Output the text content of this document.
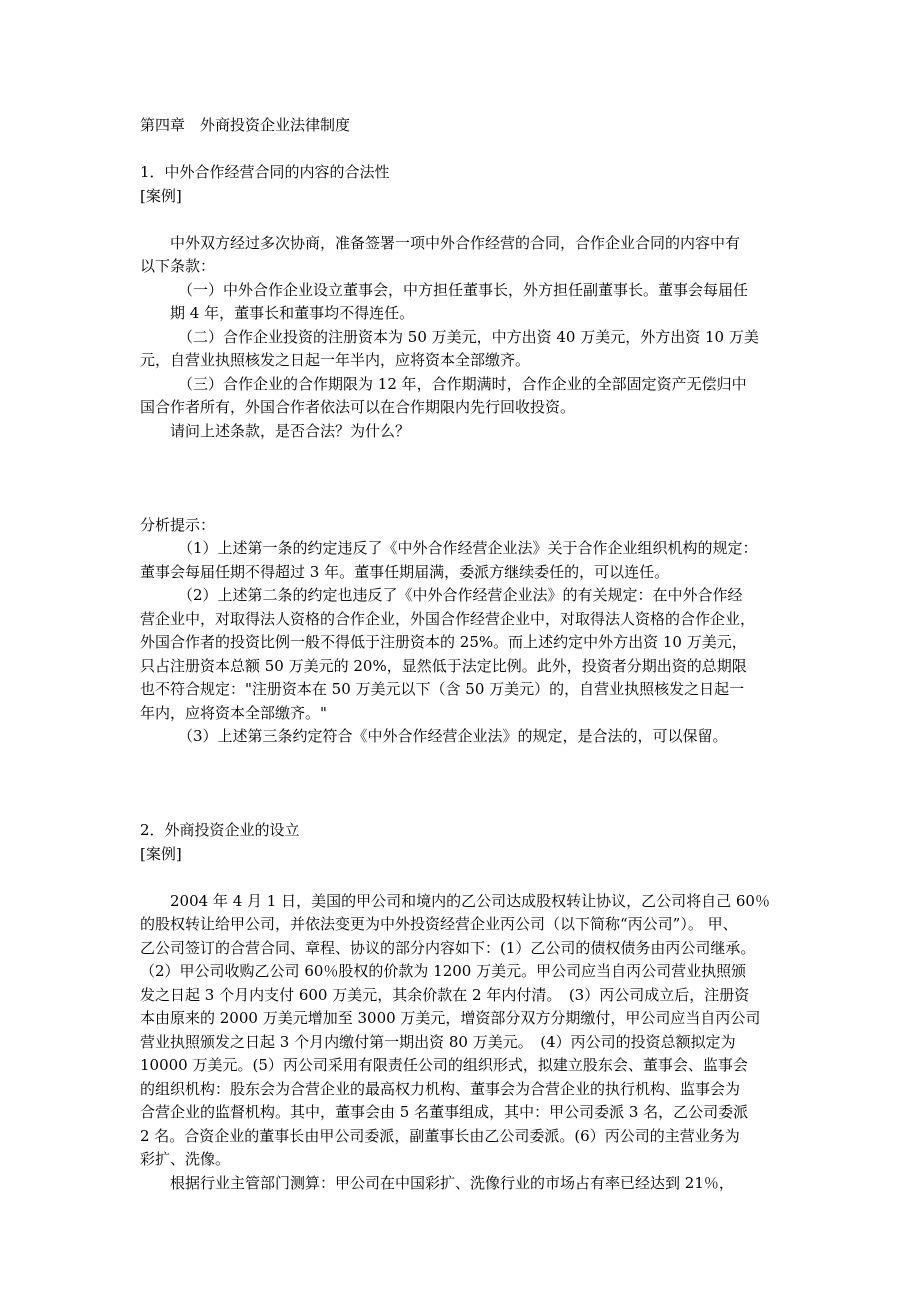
第四章　外商投资企业法律制度
1．中外合作经营合同的内容的合法性
[案例]
中外双方经过多次协商，准备签署一项中外合作经营的合同，合作企业合同的内容中有
以下条款：
（一）中外合作企业设立董事会，中方担任董事长，外方担任副董事长。董事会每届任
期 4 年，董事长和董事均不得连任。
（二）合作企业投资的注册资本为 50 万美元，中方出资 40 万美元，外方出资 10 万美
元，自营业执照核发之日起一年半内，应将资本全部缴齐。
（三）合作企业的合作期限为 12 年，合作期满时，合作企业的全部固定资产无偿归中
国合作者所有，外国合作者依法可以在合作期限内先行回收投资。
请问上述条款，是否合法？为什么？
分析提示：
（1）上述第一条的约定违反了《中外合作经营企业法》关于合作企业组织机构的规定：
董事会每届任期不得超过 3 年。董事任期届满，委派方继续委任的，可以连任。
（2）上述第二条的约定也违反了《中外合作经营企业法》的有关规定：在中外合作经
营企业中，对取得法人资格的合作企业，外国合作经营企业中，对取得法人资格的合作企业，
外国合作者的投资比例一般不得低于注册资本的 25%。而上述约定中外方出资 10 万美元，
只占注册资本总额 50 万美元的 20%，显然低于法定比例。此外，投资者分期出资的总期限
也不符合规定："注册资本在 50 万美元以下（含 50 万美元）的，自营业执照核发之日起一
年内，应将资本全部缴齐。"
（3）上述第三条约定符合《中外合作经营企业法》的规定，是合法的，可以保留。
2．外商投资企业的设立
[案例]
2004 年 4 月 1 日，美国的甲公司和境内的乙公司达成股权转让协议，乙公司将自己 60％
的股权转让给甲公司，并依法变更为中外投资经营企业丙公司（以下简称“丙公司”）。 甲、
乙公司签订的合营合同、章程、协议的部分内容如下：(1）乙公司的债权债务由丙公司继承。
（2）甲公司收购乙公司 60％股权的价款为 1200 万美元。甲公司应当自丙公司营业执照颁
发之日起 3 个月内支付 600 万美元，其余价款在 2 年内付清。　(3）丙公司成立后，注册资
本由原来的 2000 万美元增加至 3000 万美元，增资部分双方分期缴付，甲公司应当自丙公司
营业执照颁发之日起 3 个月内缴付第一期出资 80 万美元。　(4）丙公司的投资总额拟定为
10000 万美元。(5）丙公司采用有限责任公司的组织形式，拟建立股东会、董事会、监事会
的组织机构：股东会为合营企业的最高权力机构、董事会为合营企业的执行机构、监事会为
合营企业的监督机构。其中，董事会由 5 名董事组成，其中：甲公司委派 3 名，乙公司委派
2 名。合资企业的董事长由甲公司委派，副董事长由乙公司委派。(6）丙公司的主营业务为
彩扩、洗像。
根据行业主管部门测算：甲公司在中国彩扩、洗像行业的市场占有率已经达到 21％，
